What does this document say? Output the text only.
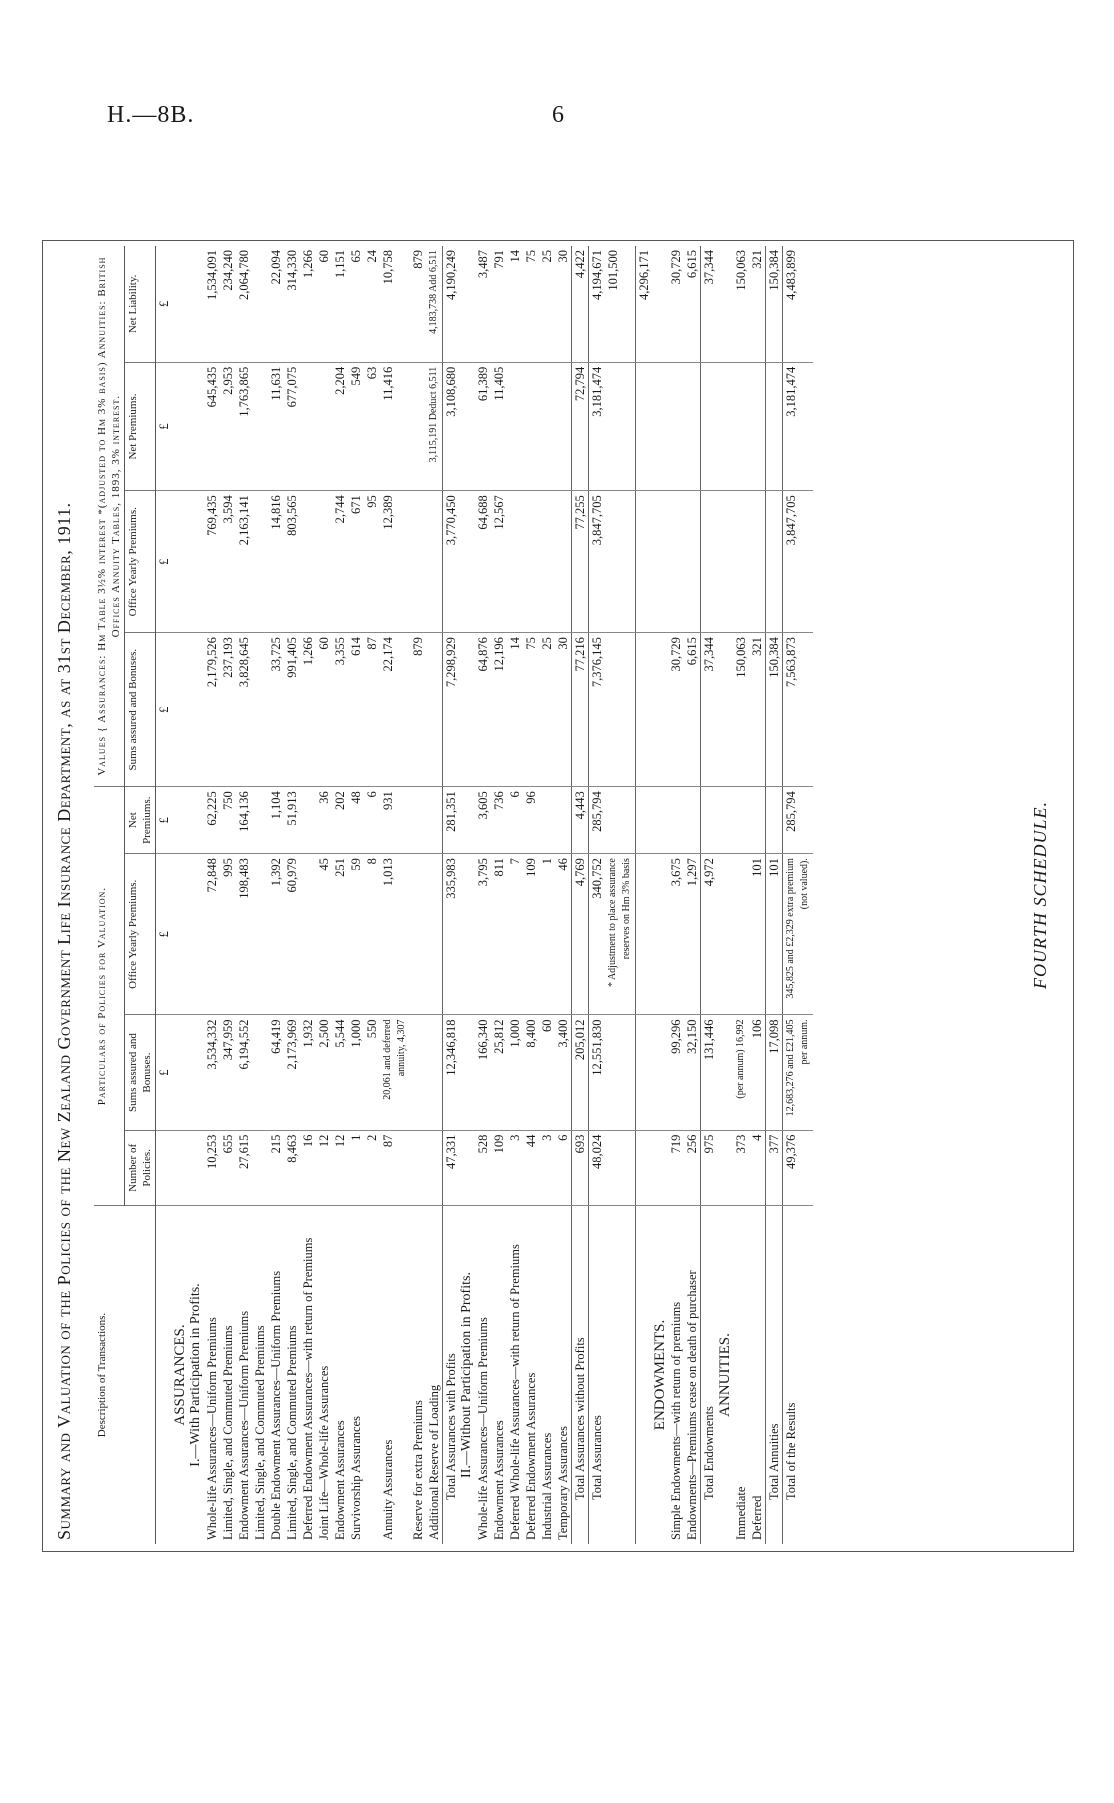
H.—8B.	6
Summary and Valuation of the Policies of the New Zealand Government Life Insurance Department, as at 31st December, 1911.	FOURTH SCHEDULE.
Description of Transactions.	Particulars of Policies for Valuation.				Values { Assurances: Hm Table 3½% interest *(adjusted to Hm 3% basis) Annuities: British Offices Annuity Tables, 1893, 3% interest.			
	Number of Policies.	Sums assured and Bonuses.	Office Yearly Premiums.	Net Premiums.	Sums assured and Bonuses.	Office Yearly Premiums.	Net Premiums.	Net Liability.
		£	£	£	£	£	£	£
ASSURANCES.								
I.—With Participation in Profits.								
Whole-life Assurances—Uniform Premiums	10,253	3,534,332	72,848	62,225	2,179,526	769,435	645,435	1,534,091
Limited, Single, and Commuted Premiums	655	347,959	995	750	237,193	3,594	2,953	234,240
Endowment Assurances—Uniform Premiums	27,615	6,194,552	198,483	164,136	3,828,645	2,163,141	1,763,865	2,064,780
Limited, Single, and Commuted Premiums								
Double Endowment Assurances—Uniform Premiums	215	64,419	1,392	1,104	33,725	14,816	11,631	22,094
Limited, Single, and Commuted Premiums	8,463	2,173,969	60,979	51,913	991,405	803,565	677,075	314,330
Deferred Endowment Assurances—with return of Premiums	16	1,932			1,266			1,266
Joint Life—Whole-life Assurances	12	2,500	45	36	60			60
Endowment Assurances	12	5,544	251	202	3,355	2,744	2,204	1,151
Survivorship Assurances	1	1,000	59	48	614	671	549	65
	2	550	8	6	87	95	63	24
Annuity Assurances	87	20,061 and deferred annuity, 4,307	1,013	931	22,174	12,389	11,416	10,758
Reserve for extra Premiums					879			879
Additional Reserve of Loading							3,115,191 Deduct 6,511	4,183,738 Add 6,511
Total Assurances with Profits	47,331	12,346,818	335,983	281,351	7,298,929	3,770,450	3,108,680	4,190,249
II.—Without Participation in Profits.								
Whole-life Assurances—Uniform Premiums	528	166,340	3,795	3,605	64,876	64,688	61,389	3,487
Endowment Assurances	109	25,812	811	736	12,196	12,567	11,405	791
Deferred Whole-life Assurances—with return of Premiums	3	1,000	7	6	14			14
Deferred Endowment Assurances	44	8,400	109	96	75			75
Industrial Assurances	3	60	1		25			25
Temporary Assurances	6	3,400	46		30			30
Total Assurances without Profits	693	205,012	4,769	4,443	77,216	77,255	72,794	4,422
Total Assurances	48,024	12,551,830	340,752	285,794	7,376,145	3,847,705	3,181,474	4,194,671
			* Adjustment to place assurance reserves on Hm 3% basis					101,500
								4,296,171
ENDOWMENTS.								
Simple Endowments—with return of premiums	719	99,296	3,675		30,729			30,729
Endowments—Premiums cease on death of purchaser	256	32,150	1,297		6,615			6,615
Total Endowments	975	131,446	4,972		37,344			37,344
ANNUITIES.								
Immediate	373	(per annum) 16,992			150,063			150,063
Deferred	4	106	101		321			321
Total Annuities	377	17,098	101		150,384			150,384
Total of the Results	49,376	12,683,276 and £21,405 per annum.	345,825 and £2,329 extra premium (not valued).	285,794	7,563,873	3,847,705	3,181,474	4,483,899
